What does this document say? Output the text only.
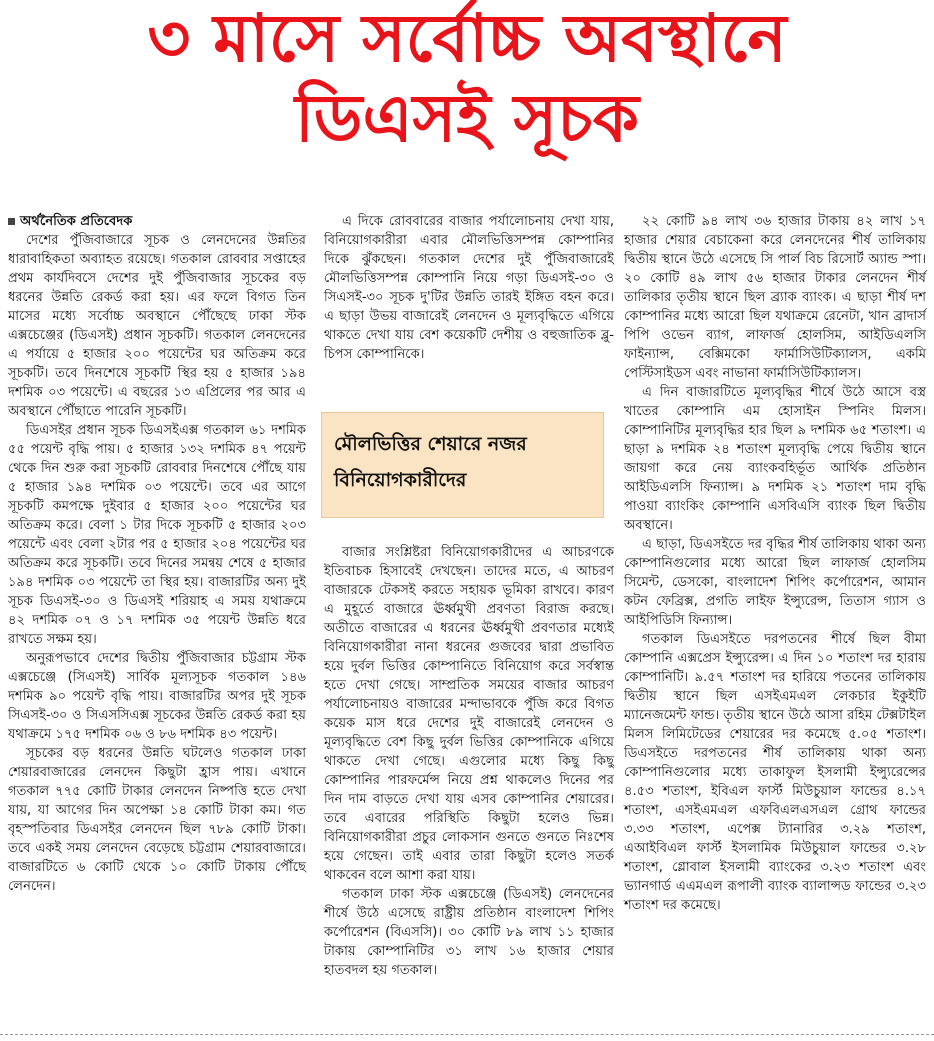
৩ মাসে সর্বোচ্চ অবস্থানে
ডিএসই সূচক

অর্থনৈতিক প্রতিবেদক

দেশের পুঁজিবাজারে সূচক ও লেনদেনের উন্নতির ধারাবাহিকতা অব্যাহত রয়েছে। গতকাল রোববার সপ্তাহের প্রথম কার্যদিবসে দেশের দুই পুঁজিবাজার সূচকের বড় ধরনের উন্নতি রেকর্ড করা হয়। এর ফলে বিগত তিন মাসের মধ্যে সর্বোচ্চ অবস্থানে পৌঁছেছে ঢাকা স্টক এক্সচেঞ্জের (ডিএসই) প্রধান সূচকটি। গতকাল লেনদেনের এ পর্যায়ে ৫ হাজার ২০০ পয়েন্টের ঘর অতিক্রম করে সূচকটি। তবে দিনশেষে সূচকটি স্থির হয় ৫ হাজার ১৯৪ দশমিক ০৩ পয়েন্টে। এ বছরের ১৩ এপ্রিলের পর আর এ অবস্থানে পৌঁছাতে পারেনি সূচকটি।

ডিএসইর প্রধান সূচক ডিএসইএক্স গতকাল ৬১ দশমিক ৫৫ পয়েন্ট বৃদ্ধি পায়। ৫ হাজার ১৩২ দশমিক ৪৭ পয়েন্ট থেকে দিন শুরু করা সূচকটি রোববার দিনশেষে পৌঁছে যায় ৫ হাজার ১৯৪ দশমিক ০৩ পয়েন্টে। তবে এর আগে সূচকটি কমপক্ষে দুইবার ৫ হাজার ২০০ পয়েন্টের ঘর অতিক্রম করে। বেলা ১ টার দিকে সূচকটি ৫ হাজার ২০৩ পয়েন্টে এবং বেলা ২টার পর ৫ হাজার ২০৪ পয়েন্টের ঘর অতিক্রম করে সূচকটি। তবে দিনের সমন্বয় শেষে ৫ হাজার ১৯৪ দশমিক ০৩ পয়েন্টে তা স্থির হয়। বাজারটির অন্য দুই সূচক ডিএসই-৩০ ও ডিএসই শরিয়াহ এ সময় যথাক্রমে ৪২ দশমিক ০৭ ও ১৭ দশমিক ৩৫ পয়েন্ট উন্নতি ধরে রাখতে সক্ষম হয়।

অনুরূপভাবে দেশের দ্বিতীয় পুঁজিবাজার চট্টগ্রাম স্টক এক্সচেঞ্জে (সিএসই) সার্বিক মূল্যসূচক গতকাল ১৪৬ দশমিক ৯০ পয়েন্ট বৃদ্ধি পায়। বাজারটির অপর দুই সূচক সিএসই-৩০ ও সিএসসিএক্স সূচকের উন্নতি রেকর্ড করা হয় যথাক্রমে ১৭৫ দশমিক ০৬ ও ৮৬ দশমিক ৪৩ পয়েন্ট।

সূচকের বড় ধরনের উন্নতি ঘটলেও গতকাল ঢাকা শেয়ারবাজারের লেনদেন কিছুটা হ্রাস পায়। এখানে গতকাল ৭৭৫ কোটি টাকার লেনদেন নিষ্পত্তি হতে দেখা যায়, যা আগের দিন অপেক্ষা ১৪ কোটি টাকা কম। গত বৃহস্পতিবার ডিএসইর লেনদেন ছিল ৭৮৯ কোটি টাকা। তবে একই সময় লেনদেন বেড়েছে চট্টগ্রাম শেয়ারবাজারে। বাজারটিতে ৬ কোটি থেকে ১০ কোটি টাকায় পৌঁছে লেনদেন।

এ দিকে রোববারের বাজার পর্যালোচনায় দেখা যায়, বিনিয়োগকারীরা এবার মৌলভিত্তিসম্পন্ন কোম্পানির দিকে ঝুঁকছেন। গতকাল দেশের দুই পুঁজিবাজারেই মৌলভিত্তিসম্পন্ন কোম্পানি নিয়ে গড়া ডিএসই-৩০ ও সিএসই-৩০ সূচক দু'টির উন্নতি তারই ইঙ্গিত বহন করে। এ ছাড়া উভয় বাজারেই লেনদেন ও মূল্যবৃদ্ধিতে এগিয়ে থাকতে দেখা যায় বেশ কয়েকটি দেশীয় ও বহুজাতিক ব্লু-চিপস কোম্পানিকে।

মৌলভিত্তির শেয়ারে নজর বিনিয়োগকারীদের

বাজার সংশ্লিষ্টরা বিনিয়োগকারীদের এ আচরণকে ইতিবাচক হিসাবেই দেখছেন। তাদের মতে, এ আচরণ বাজারকে টেকসই করতে সহায়ক ভূমিকা রাখবে। কারণ এ মুহূর্তে বাজারে ঊর্ধ্বমুখী প্রবণতা বিরাজ করছে। অতীতে বাজারের এ ধরনের ঊর্ধ্বমুখী প্রবণতার মধ্যেই বিনিয়োগকারীরা নানা ধরনের গুজবের দ্বারা প্রভাবিত হয়ে দুর্বল ভিত্তির কোম্পানিতে বিনিয়োগ করে সর্বস্বান্ত হতে দেখা গেছে। সাম্প্রতিক সময়ের বাজার আচরণ পর্যালোচনায়ও বাজারের মন্দাভাবকে পুঁজি করে বিগত কয়েক মাস ধরে দেশের দুই বাজারেই লেনদেন ও মূল্যবৃদ্ধিতে বেশ কিছু দুর্বল ভিত্তির কোম্পানিকে এগিয়ে থাকতে দেখা গেছে। এগুলোর মধ্যে কিছু কিছু কোম্পানির পারফর্মেন্স নিয়ে প্রশ্ন থাকলেও দিনের পর দিন দাম বাড়তে দেখা যায় এসব কোম্পানির শেয়ারের। তবে এবারের পরিস্থিতি কিছুটা হলেও ভিন্ন। বিনিয়োগকারীরা প্রচুর লোকসান গুনতে গুনতে নিঃশেষ হয়ে গেছেন। তাই এবার তারা কিছুটা হলেও সতর্ক থাকবেন বলে আশা করা যায়।

গতকাল ঢাকা স্টক এক্সচেঞ্জে (ডিএসই) লেনদেনের শীর্ষে উঠে এসেছে রাষ্ট্রীয় প্রতিষ্ঠান বাংলাদেশ শিপিং কর্পোরেশন (বিএসসি)। ৩০ কোটি ৮৯ লাখ ১১ হাজার টাকায় কোম্পানিটির ৩১ লাখ ১৬ হাজার শেয়ার হাতবদল হয় গতকাল।

২২ কোটি ৯৪ লাখ ৩৬ হাজার টাকায় ৪২ লাখ ১৭ হাজার শেয়ার বেচাকেনা করে লেনদেনের শীর্ষ তালিকায় দ্বিতীয় স্থানে উঠে এসেছে সি পার্ল বিচ রিসোর্ট অ্যান্ড স্পা। ২০ কোটি ৪৯ লাখ ৫৬ হাজার টাকার লেনদেন শীর্ষ তালিকার তৃতীয় স্থানে ছিল ব্র্যাক ব্যাংক। এ ছাড়া শীর্ষ দশ কোম্পানির মধ্যে আরো ছিল যথাক্রমে রেনেটা, খান ব্রাদার্স পিপি ওভেন ব্যাগ, লাফার্জ হোলসিম, আইডিএলসি ফাইন্যান্স, বেক্সিমকো ফার্মাসিউটিক্যালস, একমি পেস্টিসাইডস এবং নাভানা ফার্মাসিউটিক্যালস।

এ দিন বাজারটিতে মূল্যবৃদ্ধির শীর্ষে উঠে আসে বস্ত্র খাতের কোম্পানি এম হোসাইন স্পিনিং মিলস। কোম্পানিটির মূল্যবৃদ্ধির হার ছিল ৯ দশমিক ৬৫ শতাংশ। এ ছাড়া ৯ দশমিক ২৪ শতাংশ মূল্যবৃদ্ধি পেয়ে দ্বিতীয় স্থানে জায়গা করে নেয় ব্যাংকবহির্ভূত আর্থিক প্রতিষ্ঠান আইডিএলসি ফিন্যান্স। ৯ দশমিক ২১ শতাংশ দাম বৃদ্ধি পাওয়া ব্যাংকিং কোম্পানি এসবিএসি ব্যাংক ছিল দ্বিতীয় অবস্থানে।

এ ছাড়া, ডিএসইতে দর বৃদ্ধির শীর্ষ তালিকায় থাকা অন্য কোম্পানিগুলোর মধ্যে আরো ছিল লাফার্জ হোলসিম সিমেন্ট, ডেসকো, বাংলাদেশ শিপিং কর্পোরেশন, আমান কটন ফেব্রিক্স, প্রগতি লাইফ ইন্স্যুরেন্স, তিতাস গ্যাস ও আইপিডিসি ফিন্যান্স।

গতকাল ডিএসইতে দরপতনের শীর্ষে ছিল বীমা কোম্পানি এক্সপ্রেস ইন্স্যুরেন্স। এ দিন ১০ শতাংশ দর হারায় কোম্পানিটি। ৯.৫৭ শতাংশ দর হারিয়ে পতনের তালিকায় দ্বিতীয় স্থানে ছিল এসইএমএল লেকচার ইকুইটি ম্যানেজমেন্ট ফান্ড। তৃতীয় স্থানে উঠে আসা রহিম টেক্সটাইল মিলস লিমিটেডের শেয়ারের দর কমেছে ৫.০৫ শতাংশ। ডিএসইতে দরপতনের শীর্ষ তালিকায় থাকা অন্য কোম্পানিগুলোর মধ্যে তাকাফুল ইসলামী ইন্স্যুরেন্সের ৪.৫৩ শতাংশ, ইবিএল ফার্স্ট মিউচুয়াল ফান্ডের ৪.১৭ শতাংশ, এসইএমএল এফবিএলএসএল গ্রোথ ফান্ডের ৩.৩৩ শতাংশ, এপেক্স ট্যানারির ৩.২৯ শতাংশ, এআইবিএল ফার্স্ট ইসলামিক মিউচুয়াল ফান্ডের ৩.২৮ শতাংশ, গ্লোবাল ইসলামী ব্যাংকের ৩.২৩ শতাংশ এবং ভ্যানগার্ড এএমএল রূপালী ব্যাংক ব্যালান্সড ফান্ডের ৩.২৩ শতাংশ দর কমেছে।
